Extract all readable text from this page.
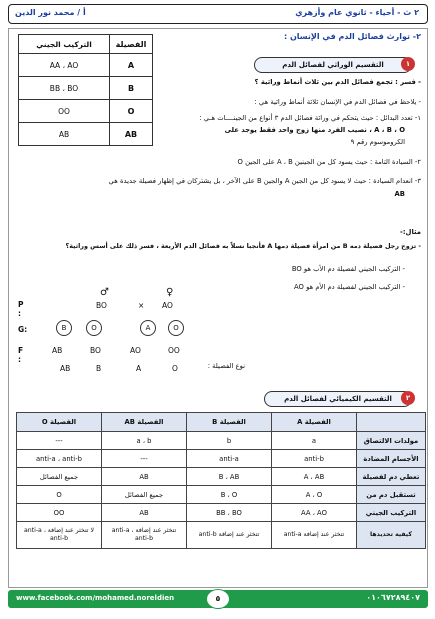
أ / محمد نور الدين	٢ ث - أحياء - ثانوي عام وأزهري
التركيب الجيني	الفصيلة
AA ، AO	A
BB ، BO	B
OO	O
AB	AB
٢- توارث فصائل الدم في الإنسان :
١
التقسيم الوراثي لفصائل الدم
- فسر : تجمع فصائل الدم بين ثلاث أنماط وراثية ؟
- يلاحظ في فصائل الدم في الإنسان ثلاثة أنماط وراثية هي :
١- تعدد البدائل : حيث يتحكم في وراثة فصائل الدم ٣ أنواع من الجينــــات هـي :
A ، B ، O ، نصيب الفرد منها زوج واحد فقط يوجد على
الكروموسوم رقم ٩
٢- السيادة التامة : حيث يسود كل من الجينين A ، B على الجين O
٣- انعدام السيادة : حيث لا يسود كل من الجين A والجين B على الآخر ، بل يشتركان في إظهار فصيلة جديدة هي
AB
مثال:-
- تزوج رجل فصيلة دمه B من امرأة فصيلة دمها A فأنجبا نسلاً به فصائل الدم الأربعة ، فسر ذلك على أسس وراثية؟
- التركيب الجيني لفصيلة دم الأب هو BO
- التركيب الجيني لفصيلة دم الأم هو AO
P :
♂
BO	×
♀
AO
G:	B	O	A	O
F :
AB	BO	AO	OO
AB	B	A	O	نوع الفصيلة :
٢
التقسيم الكيميائي لفصائل الدم
	الفصيلة A	الفصيلة B	الفصيلة AB	الفصيلة O
مولدات الالتصاق	a	b	a ، b	---
الأجسام المضادة	anti-b	anti-a	---	anti-a ، anti-b
تعطي دم لفصيلة	A ، AB	B ، AB	AB	جميع الفصائل
تستقبل دم من	A ، O	B ، O	جميع الفصائل	O
التركيب الجيني	AA ، AO	BB ، BO	AB	OO
كيفية تحديدها	تتخثر عند إضافة anti-a	تتخثر عند إضافة anti-b	تتخثر عند إضافة anti-a ، anti-b	لا تتخثر عند إضافة anti-a ، anti-b
www.facebook.com/mohamed.noreldien	٠١٠٦٧٢٨٩٤٠٧
٥
